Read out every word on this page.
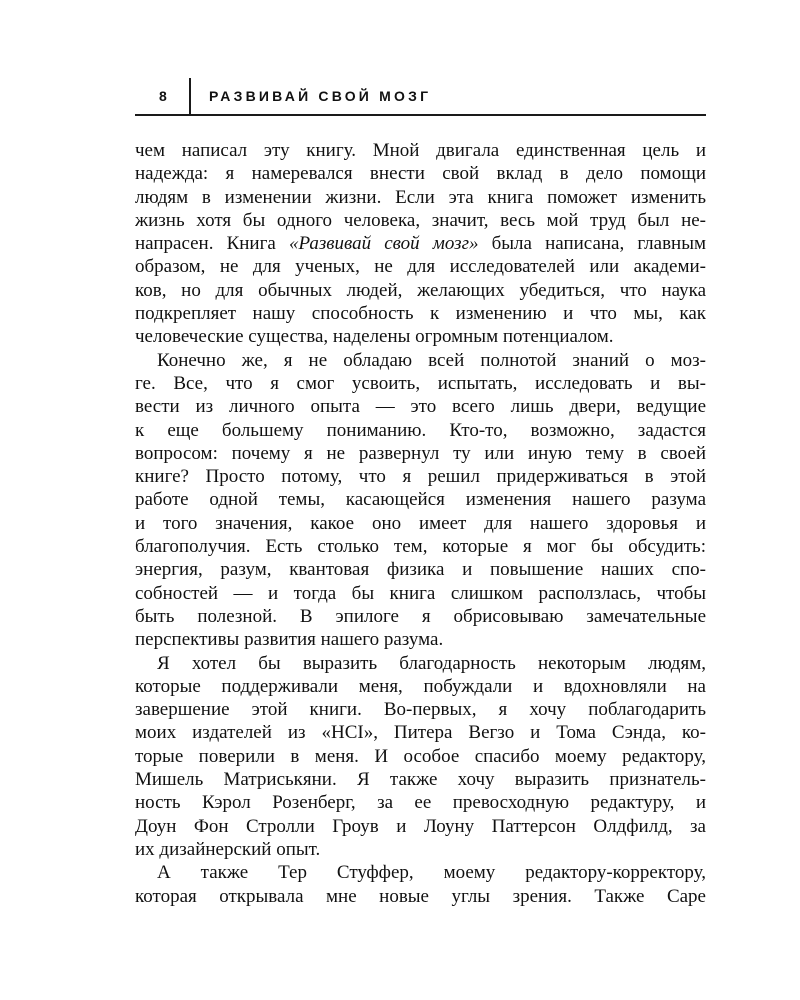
8	РАЗВИВАЙ СВОЙ МОЗГ
чем написал эту книгу. Мной двигала единственная цель и
надежда: я намеревался внести свой вклад в дело помощи
людям в изменении жизни. Если эта книга поможет изменить
жизнь хотя бы одного человека, значит, весь мой труд был не-
напрасен. Книга «Развивай свой мозг» была написана, главным
образом, не для ученых, не для исследователей или академи-
ков, но для обычных людей, желающих убедиться, что наука
подкрепляет нашу способность к изменению и что мы, как
человеческие существа, наделены огромным потенциалом.
Конечно же, я не обладаю всей полнотой знаний о моз-
ге. Все, что я смог усвоить, испытать, исследовать и вы-
вести из личного опыта — это всего лишь двери, ведущие
к еще большему пониманию. Кто-то, возможно, задастся
вопросом: почему я не развернул ту или иную тему в своей
книге? Просто потому, что я решил придерживаться в этой
работе одной темы, касающейся изменения нашего разума
и того значения, какое оно имеет для нашего здоровья и
благополучия. Есть столько тем, которые я мог бы обсудить:
энергия, разум, квантовая физика и повышение наших спо-
собностей — и тогда бы книга слишком расползлась, чтобы
быть полезной. В эпилоге я обрисовываю замечательные
перспективы развития нашего разума.
Я хотел бы выразить благодарность некоторым людям,
которые поддерживали меня, побуждали и вдохновляли на
завершение этой книги. Во-первых, я хочу поблагодарить
моих издателей из «HCI», Питера Вегзо и Тома Сэнда, ко-
торые поверили в меня. И особое спасибо моему редактору,
Мишель Матриськяни. Я также хочу выразить признатель-
ность Кэрол Розенберг, за ее превосходную редактуру, и
Доун Фон Стролли Гроув и Лоуну Паттерсон Олдфилд, за
их дизайнерский опыт.
А также Тер Стуффер, моему редактору-корректору,
которая открывала мне новые углы зрения. Также Саре
